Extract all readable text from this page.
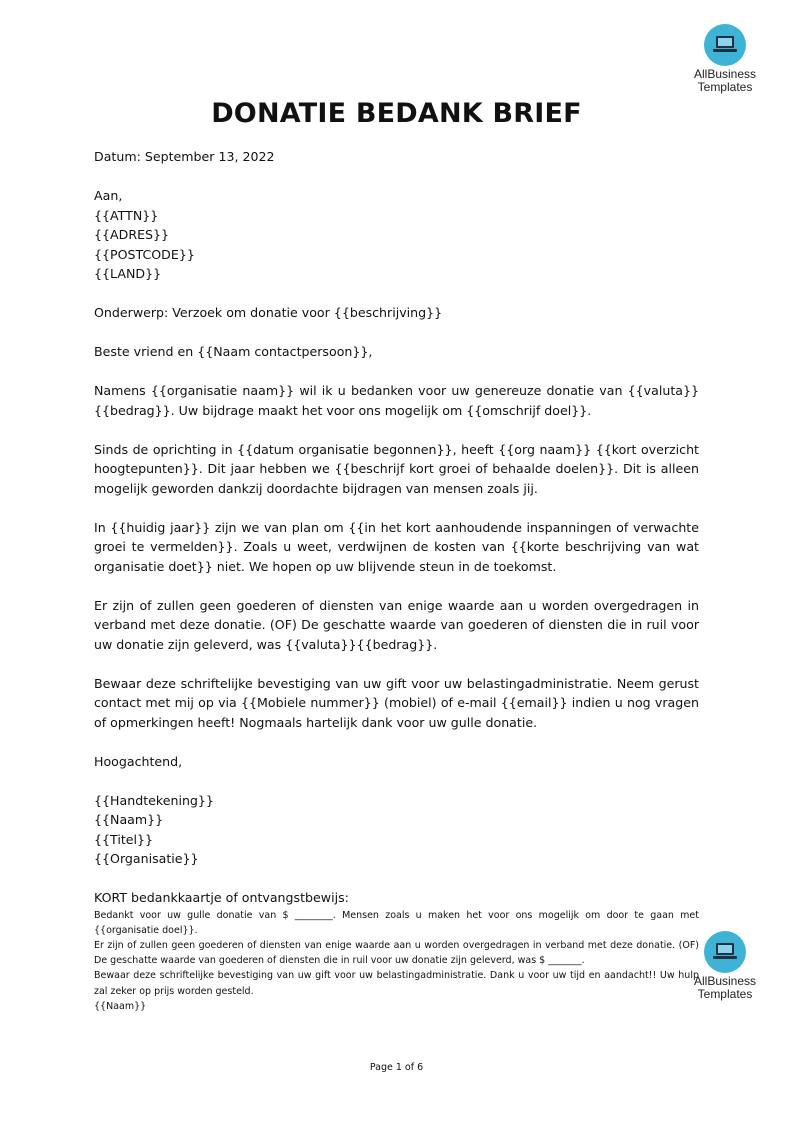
AllBusiness
Templates
DONATIE BEDANK BRIEF

Datum: September 13, 2022

Aan,

{{ATTN}}

{{ADRES}}

{{POSTCODE}}

{{LAND}}

Onderwerp: Verzoek om donatie voor {{beschrijving}}

Beste vriend en {{Naam contactpersoon}},

Namens {{organisatie naam}} wil ik u bedanken voor uw genereuze donatie van {{valuta}}{{bedrag}}. Uw bijdrage maakt het voor ons mogelijk om {{omschrijf doel}}.

Sinds de oprichting in {{datum organisatie begonnen}}, heeft {{org naam}} {{kort overzicht hoogtepunten}}. Dit jaar hebben we {{beschrijf kort groei of behaalde doelen}}. Dit is alleen mogelijk geworden dankzij doordachte bijdragen van mensen zoals jij.

In {{huidig jaar}} zijn we van plan om {{in het kort aanhoudende inspanningen of verwachte groei te vermelden}}. Zoals u weet, verdwijnen de kosten van {{korte beschrijving van wat organisatie doet}} niet. We hopen op uw blijvende steun in de toekomst.

Er zijn of zullen geen goederen of diensten van enige waarde aan u worden overgedragen in verband met deze donatie. (OF) De geschatte waarde van goederen of diensten die in ruil voor uw donatie zijn geleverd, was {{valuta}}{{bedrag}}.

Bewaar deze schriftelijke bevestiging van uw gift voor uw belastingadministratie. Neem gerust contact met mij op via {{Mobiele nummer}} (mobiel) of e-mail {{email}} indien u nog vragen of opmerkingen heeft! Nogmaals hartelijk dank voor uw gulle donatie.

Hoogachtend,

{{Handtekening}}

{{Naam}}

{{Titel}}

{{Organisatie}}

KORT bedankkaartje of ontvangstbewijs:

Bedankt voor uw gulle donatie van $ ________. Mensen zoals u maken het voor ons mogelijk om door te gaan met {{organisatie doel}}.

Er zijn of zullen geen goederen of diensten van enige waarde aan u worden overgedragen in verband met deze donatie. (OF) De geschatte waarde van goederen of diensten die in ruil voor uw donatie zijn geleverd, was $ _______.

Bewaar deze schriftelijke bevestiging van uw gift voor uw belastingadministratie. Dank u voor uw tijd en aandacht!! Uw hulp zal zeker op prijs worden gesteld.

{{Naam}}

AllBusiness
Templates
Page 1 of 6
